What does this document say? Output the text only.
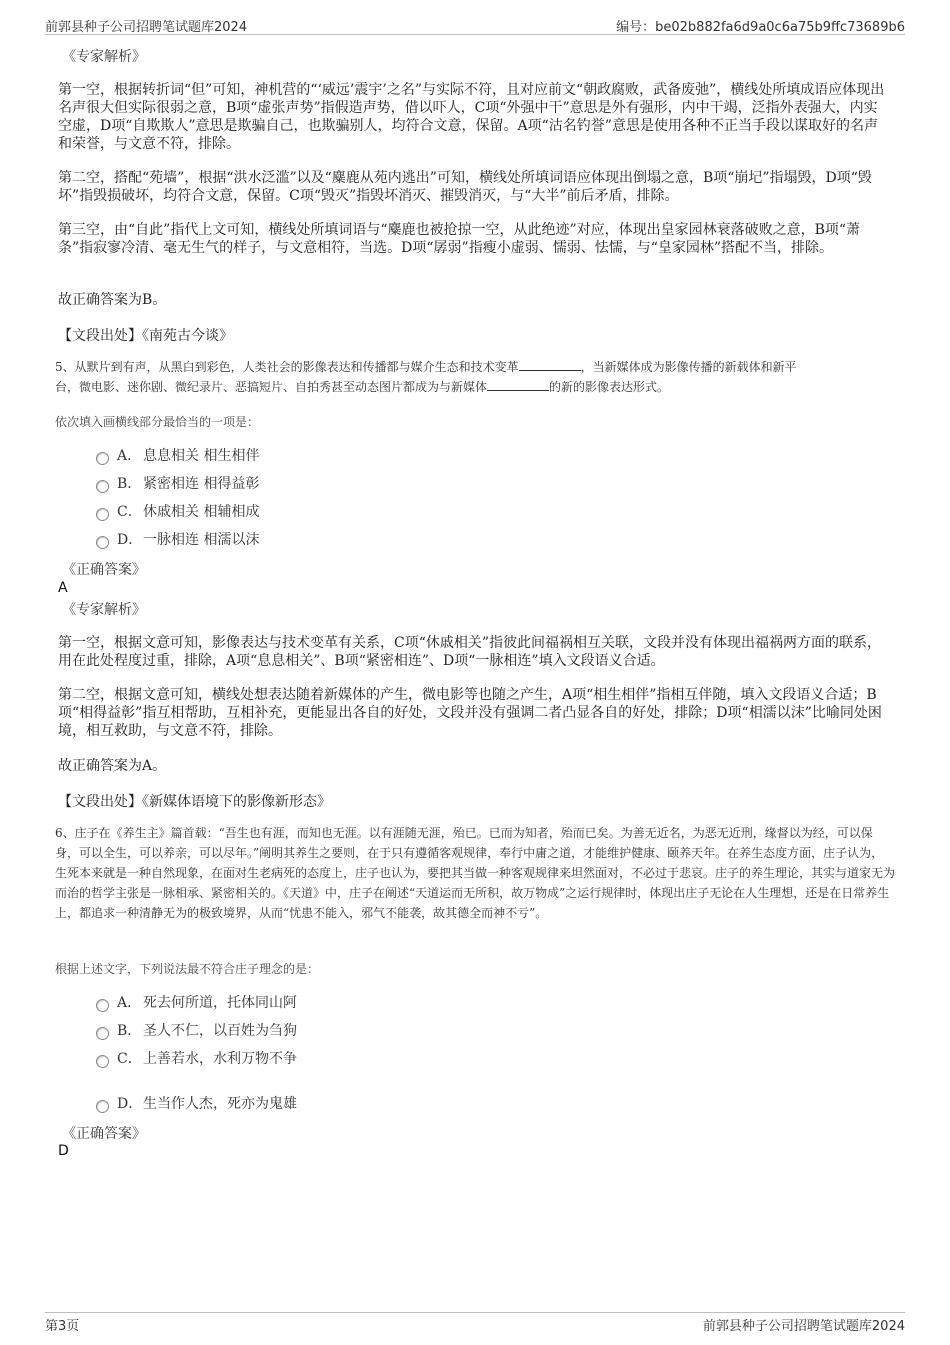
前郭县种子公司招聘笔试题库2024	编号：be02b882fa6d9a0c6a75b9ffc73689b6
《专家解析》
第一空，根据转折词“但”可知，神机营的“‘威远’震宇’之名”与实际不符，且对应前文“朝政腐败，武备废弛”，横线处所填成语应体现出名声很大但实际很弱之意，B项“虚张声势”指假造声势，借以吓人，C项“外强中干”意思是外有强形，内中干竭，泛指外表强大，内实空虚，D项“自欺欺人”意思是欺骗自己，也欺骗别人，均符合文意，保留。A项“沽名钓誉”意思是使用各种不正当手段以谋取好的名声和荣誉，与文意不符，排除。
第二空，搭配“苑墙”，根据“洪水泛滥”以及“麋鹿从苑内逃出”可知，横线处所填词语应体现出倒塌之意，B项“崩圮”指塌毁，D项“毁坏”指毁损破坏，均符合文意，保留。C项“毁灭”指毁坏消灭、摧毁消灭，与“大半”前后矛盾，排除。
第三空，由“自此”指代上文可知，横线处所填词语与“麋鹿也被抢掠一空，从此绝迹”对应，体现出皇家园林衰落破败之意，B项“萧条”指寂寥冷清、毫无生气的样子，与文意相符，当选。D项“孱弱”指瘦小虚弱、懦弱、怯懦，与“皇家园林”搭配不当，排除。
故正确答案为B。
【文段出处】《南苑古今谈》
5、从默片到有声，从黑白到彩色，人类社会的影像表达和传播都与媒介生态和技术变革	，当新媒体成为影像传播的新载体和新平
台，微电影、迷你剧、微纪录片、恶搞短片、自拍秀甚至动态图片都成为与新媒体	的新的影像表达形式。
依次填入画横线部分最恰当的一项是：
A． 息息相关 相生相伴
B． 紧密相连 相得益彰
C．休戚相关 相辅相成
D．一脉相连 相濡以沫
《正确答案》
A
《专家解析》
第一空，根据文意可知，影像表达与技术变革有关系，C项“休戚相关”指彼此间福祸相互关联，文段并没有体现出福祸两方面的联系，用在此处程度过重，排除，A项“息息相关”、B项“紧密相连”、D项“一脉相连”填入文段语义合适。
第二空，根据文意可知，横线处想表达随着新媒体的产生，微电影等也随之产生，A项“相生相伴”指相互伴随，填入文段语义合适；B项“相得益彰”指互相帮助，互相补充，更能显出各自的好处，文段并没有强调二者凸显各自的好处，排除；D项“相濡以沫”比喻同处困境，相互救助，与文意不符，排除。
故正确答案为A。
【文段出处】《新媒体语境下的影像新形态》
6、庄子在《养生主》篇首载：“吾生也有涯，而知也无涯。以有涯随无涯，殆已。已而为知者，殆而已矣。为善无近名，为恶无近刑，缘督以为经，可以保身，可以全生，可以养亲，可以尽年。”阐明其养生之要则，在于只有遵循客观规律，奉行中庸之道，才能维护健康、颐养天年。在养生态度方面，庄子认为，生死本来就是一种自然现象，在面对生老病死的态度上，庄子也认为，要把其当做一种客观规律来坦然面对，不必过于悲哀。庄子的养生理论，其实与道家无为而治的哲学主张是一脉相承、紧密相关的。《天道》中，庄子在阐述“天道运而无所积，故万物成”之运行规律时，体现出庄子无论在人生理想，还是在日常养生上，都追求一种清静无为的极致境界，从而“忧患不能入，邪气不能袭，故其德全而神不亏”。
根据上述文字，下列说法最不符合庄子理念的是：
A． 死去何所道，托体同山阿
B． 圣人不仁，以百姓为刍狗
C．上善若水，水利万物不争
D．生当作人杰，死亦为鬼雄
《正确答案》
D
第3页	前郭县种子公司招聘笔试题库2024
